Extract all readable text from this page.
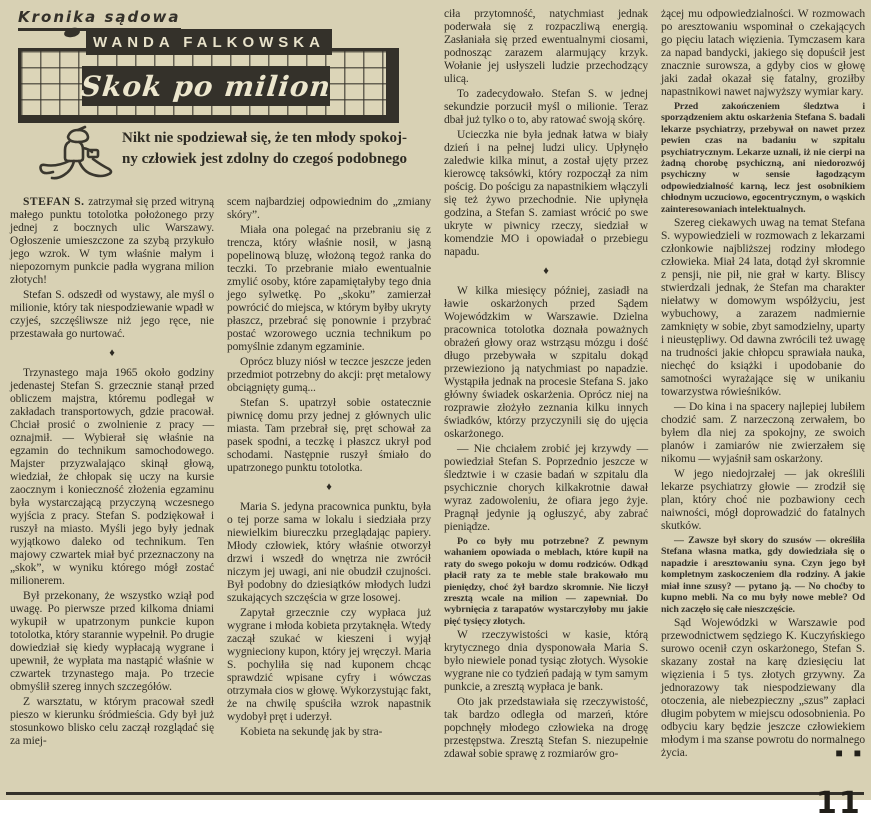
Kronika sądowa
WANDA FALKOWSKA
Skok po milion
Nikt nie spodziewał się, że ten młody spokoj-
ny człowiek jest zdolny do czegoś podobnego

STEFAN S. zatrzymał się przed witryną małego punktu totolotka położonego przy jednej z bocznych ulic Warszawy. Ogłoszenie umieszczone za szybą przykuło jego wzrok. W tym właśnie małym i niepozornym punkcie padła wygrana milion złotych!

Stefan S. odszedł od wystawy, ale myśl o milionie, który tak niespodziewanie wpadł w czyjeś, szczęśliwsze niż jego ręce, nie przestawała go nurtować.

♦

Trzynastego maja 1965 około godziny jedenastej Stefan S. grzecznie stanął przed obliczem majstra, któremu podlegał w zakładach transportowych, gdzie pracował. Chciał prosić o zwolnienie z pracy — oznajmił. — Wybierał się właśnie na egzamin do technikum samochodowego. Majster przyzwalająco skinął głową, wiedział, że chłopak się uczy na kursie zaocznym i konieczność złożenia egzaminu była wystarczającą przyczyną wczesnego wyjścia z pracy. Stefan S. podziękował i ruszył na miasto. Myśli jego były jednak wyjątkowo daleko od technikum. Ten majowy czwartek miał być przeznaczony na „skok”, w wyniku którego mógł zostać milionerem.

Był przekonany, że wszystko wziął pod uwagę. Po pierwsze przed kilkoma dniami wykupił w upatrzonym punkcie kupon totolotka, który starannie wypełnił. Po drugie dowiedział się kiedy wypłacają wygrane i upewnił, że wypłata ma nastąpić właśnie w czwartek trzynastego maja. Po trzecie obmyślił szereg innych szczegółów.

Z warsztatu, w którym pracował szedł pieszo w kierunku śródmieścia. Gdy był już stosunkowo blisko celu zaczął rozglądać się za miej-

scem najbardziej odpowiednim do „zmiany skóry”.

Miała ona polegać na przebraniu się z trencza, który właśnie nosił, w jasną popelinową bluzę, włożoną tegoż ranka do teczki. To przebranie miało ewentualnie zmylić osoby, które zapamiętałyby tego dnia jego sylwetkę. Po „skoku” zamierzał powrócić do miejsca, w którym byłby ukryty płaszcz, przebrać się ponownie i przybrać postać wzorowego ucznia technikum po pomyślnie zdanym egzaminie.

Oprócz bluzy niósł w teczce jeszcze jeden przedmiot potrzebny do akcji: pręt metalowy obciągnięty gumą...

Stefan S. upatrzył sobie ostatecznie piwnicę domu przy jednej z głównych ulic miasta. Tam przebrał się, pręt schował za pasek spodni, a teczkę i płaszcz ukrył pod schodami. Następnie ruszył śmiało do upatrzonego punktu totolotka.

♦

Maria S. jedyna pracownica punktu, była o tej porze sama w lokalu i siedziała przy niewielkim biureczku przeglądając papiery. Młody człowiek, który właśnie otworzył drzwi i wszedł do wnętrza nie zwrócił niczym jej uwagi, ani nie obudził czujności. Był podobny do dziesiątków młodych ludzi szukających szczęścia w grze losowej.

Zapytał grzecznie czy wypłaca już wygrane i młoda kobieta przytaknęła. Wtedy zaczął szukać w kieszeni i wyjął wygnieciony kupon, który jej wręczył. Maria S. pochyliła się nad kuponem chcąc sprawdzić wpisane cyfry i wówczas otrzymała cios w głowę. Wykorzystując fakt, że na chwilę spuściła wzrok napastnik wydobył pręt i uderzył.

Kobieta na sekundę jak by stra-

ciła przytomność, natychmiast jednak poderwała się z rozpaczliwą energią. Zasłaniała się przed ewentualnymi ciosami, podnosząc zarazem alarmujący krzyk. Wołanie jej usłyszeli ludzie przechodzący ulicą.

To zadecydowało. Stefan S. w jednej sekundzie porzucił myśl o milionie. Teraz dbał już tylko o to, aby ratować swoją skórę.

Ucieczka nie była jednak łatwa w biały dzień i na pełnej ludzi ulicy. Upłynęło zaledwie kilka minut, a został ujęty przez kierowcę taksówki, który rozpoczął za nim pościg. Do pościgu za napastnikiem włączyli się też żywo przechodnie. Nie upłynęła godzina, a Stefan S. zamiast wrócić po swe ukryte w piwnicy rzeczy, siedział w komendzie MO i opowiadał o przebiegu napadu.

♦

W kilka miesięcy później, zasiadł na ławie oskarżonych przed Sądem Wojewódzkim w Warszawie. Dzielna pracownica totolotka doznała poważnych obrażeń głowy oraz wstrząsu mózgu i dość długo przebywała w szpitalu dokąd przewieziono ją natychmiast po napadzie. Wystąpiła jednak na procesie Stefana S. jako główny świadek oskarżenia. Oprócz niej na rozprawie złożyło zeznania kilku innych świadków, którzy przyczynili się do ujęcia oskarżonego.

— Nie chciałem zrobić jej krzywdy — powiedział Stefan S. Poprzednio jeszcze w śledztwie i w czasie badań w szpitalu dla psychicznie chorych kilkakrotnie dawał wyraz zadowoleniu, że ofiara jego żyje. Pragnął jedynie ją ogłuszyć, aby zabrać pieniądze.

Po co były mu potrzebne? Z pewnym wahaniem opowiada o meblach, które kupił na raty do swego pokoju w domu rodziców. Odkąd płacił raty za te meble stale brakowało mu pieniędzy, choć żył bardzo skromnie. Nie liczył zresztą wcale na milion — zapewniał. Do wybrnięcia z tarapatów wystarczyłoby mu jakie pięć tysięcy złotych.

W rzeczywistości w kasie, którą krytycznego dnia dysponowała Maria S. było niewiele ponad tysiąc złotych. Wysokie wygrane nie co tydzień padają w tym samym punkcie, a zresztą wypłaca je bank.

Oto jak przedstawiała się rzeczywistość, tak bardzo odległa od marzeń, które popchnęły młodego człowieka na drogę przestępstwa. Zresztą Stefan S. niezupełnie zdawał sobie sprawę z rozmiarów gro-

żącej mu odpowiedzialności. W rozmowach po aresztowaniu wspominał o czekających go pięciu latach więzienia. Tymczasem kara za napad bandycki, jakiego się dopuścił jest znacznie surowsza, a gdyby cios w głowę jaki zadał okazał się fatalny, groziłby napastnikowi nawet najwyższy wymiar kary.

Przed zakończeniem śledztwa i sporządzeniem aktu oskarżenia Stefana S. badali lekarze psychiatrzy, przebywał on nawet przez pewien czas na badaniu w szpitalu psychiatrycznym. Lekarze uznali, iż nie cierpi na żadną chorobę psychiczną, ani niedorozwój psychiczny w sensie łagodzącym odpowiedzialność karną, lecz jest osobnikiem chłodnym uczuciowo, egocentrycznym, o wąskich zainteresowaniach intelektualnych.

Szereg ciekawych uwag na temat Stefana S. wypowiedzieli w rozmowach z lekarzami członkowie najbliższej rodziny młodego człowieka. Miał 24 lata, dotąd żył skromnie z pensji, nie pił, nie grał w karty. Bliscy stwierdzali jednak, że Stefan ma charakter niełatwy w domowym współżyciu, jest wybuchowy, a zarazem nadmiernie zamknięty w sobie, zbyt samodzielny, uparty i nieustępliwy. Od dawna zwrócili też uwagę na trudności jakie chłopcu sprawiała nauka, niechęć do książki i upodobanie do samotności wyrażające się w unikaniu towarzystwa rówieśników.

— Do kina i na spacery najlepiej lubiłem chodzić sam. Z narzeczoną zerwałem, bo byłem dla niej za spokojny, ze swoich planów i zamiarów nie zwierzałem się nikomu — wyjaśnił sam oskarżony.

W jego niedojrzałej — jak określili lekarze psychiatrzy głowie — zrodził się plan, który choć nie pozbawiony cech naiwności, mógł doprowadzić do fatalnych skutków.

— Zawsze był skory do szusów — określiła Stefana własna matka, gdy dowiedziała się o napadzie i aresztowaniu syna. Czyn jego był kompletnym zaskoczeniem dla rodziny. A jakie miał inne szusy? — pytano ją. — No choćby to kupno mebli. Na co mu były nowe meble? Od nich zaczęło się całe nieszczęście.

Sąd Wojewódzki w Warszawie pod przewodnictwem sędziego K. Kuczyńskiego surowo ocenił czyn oskarżonego, Stefan S. skazany został na karę dziesięciu lat więzienia i 5 tys. złotych grzywny. Za jednorazowy tak niespodziewany dla otoczenia, ale niebezpieczny „szus” zapłaci długim pobytem w miejscu odosobnienia. Po odbyciu kary będzie jeszcze człowiekiem młodym i ma szanse powrotu do normalnego życia.	■ ■

11
